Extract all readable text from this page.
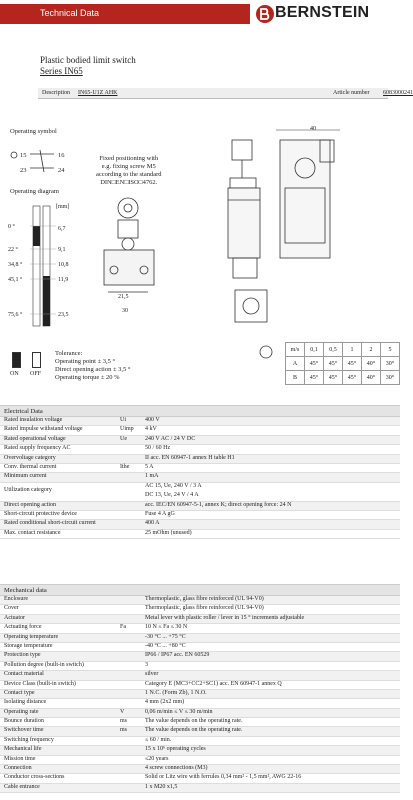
Technical Data	BERNSTEIN
Plastic bodied limit switch
Series IN65
Description IN65-U1Z AHK	Article number 6083000241
Operating symbol
15	16
23	24
Operating diagram
[mm]
0 °
22 °
34,8 °
45,1 °
75,6 °
6,7
9,1
10,8
11,9
23,5
Fixed positioning with
e.g. fixing screw M5
according to the standard
DIN□EN□ISO□4762.
21,5
30
40
Tolerance:
Operating point ± 3,5 °
Direct opening action ± 3,5 °
Operating torque ± 20 %
ON OFF
m/s	0,1	0,5	1	2	5
A	45°	45°	45°	40°	30°
B	45°	45°	45°	40°	30°
Electrical Data
Rated insulation voltage	Ui	400 V
Rated impulse withstand voltage	Uimp 4 kV
Rated operational voltage	Ue	240 V AC / 24 V DC
Rated supply frequency AC	50 / 60 Hz
Overvoltage category	II acc. EN 60947-1 annex H table H1
Conv. thermal current	Ithe	5 A
Minimum current	1 mA
Utilization category
AC 15, Ue, 240 V / 3 A
DC 13, Ue, 24 V / 4 A
Direct opening action	acc. IEC/EN 60947-5-1, annex K; direct opening force: 24 N
Short-circuit protective device	Fuse 4 A gG
Rated conditional short-circuit current	400 A
Max. contact resistance	25 mOhm (unused)
Mechanical data
Enclosure	Thermoplastic, glass fibre reinforced (UL 94-V0)
Cover	Thermoplastic, glass fibre reinforced (UL 94-V0)
Actuator	Metal lever with plastic roller / lever in 15 ° increments adjustable
Actuating force	Fa	10 N ≤ Fa ≤ 30 N
Operating temperature	-30 °C ... +75 °C
Storage temperature	-40 °C ... +80 °C
Protection type	IP66 / IP67 acc. EN 60529
Pollution degree (built-in switch)	3
Contact material	silver
Device Class (built-in switch)	Category E (MC3+CC2+SC1) acc. EN 60947-1 annex Q
Contact type	1 N.C. (Form Zb), 1 N.O.
Isolating distance	4 mm (2x2 mm)
Operating rate	V	0,06 m/min ≤ V ≤ 30 m/min
Bounce duration	ms	The value depends on the operating rate.
Switchover time	ms	The value depends on the operating rate.
Switching frequency	≤ 60 / min.
Mechanical life	15 x 10⁶ operating cycles
Mission time	≤20 years
Connection	4 screw connections (M3)
Conductor cross-sections	Solid or Litz wire with ferrules 0,34 mm² - 1,5 mm², AWG 22-16
Cable entrance	1 x M20 x1,5
